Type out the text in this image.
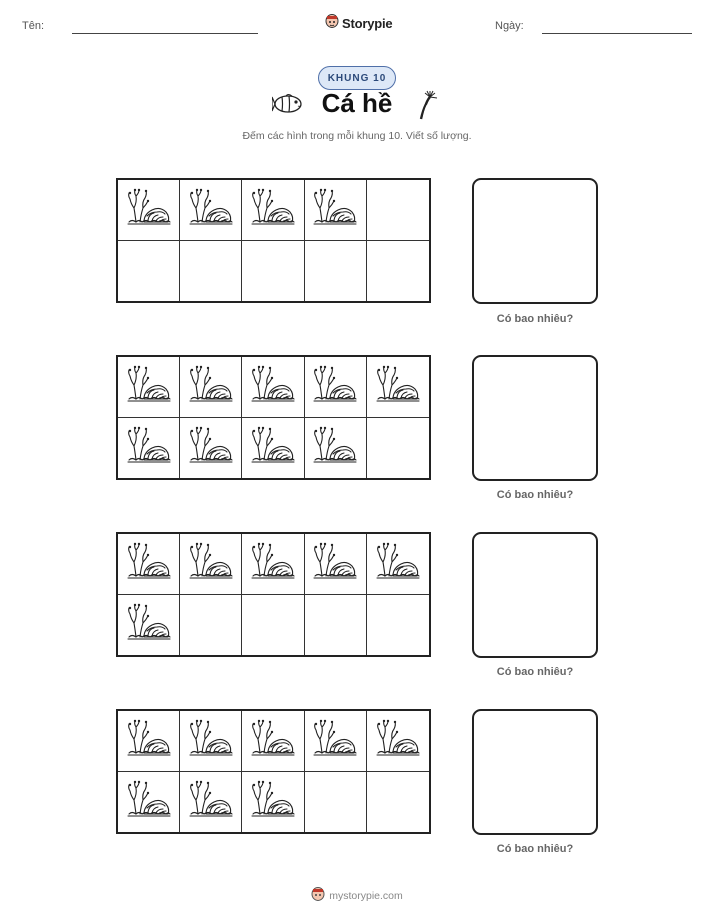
Tên:	Ngày:
Storypie
KHUNG 10
Cá hề
Đếm các hình trong mỗi khung 10. Viết số lượng.
Có bao nhiêu?
Có bao nhiêu?
Có bao nhiêu?
Có bao nhiêu?
mystorypie.com
